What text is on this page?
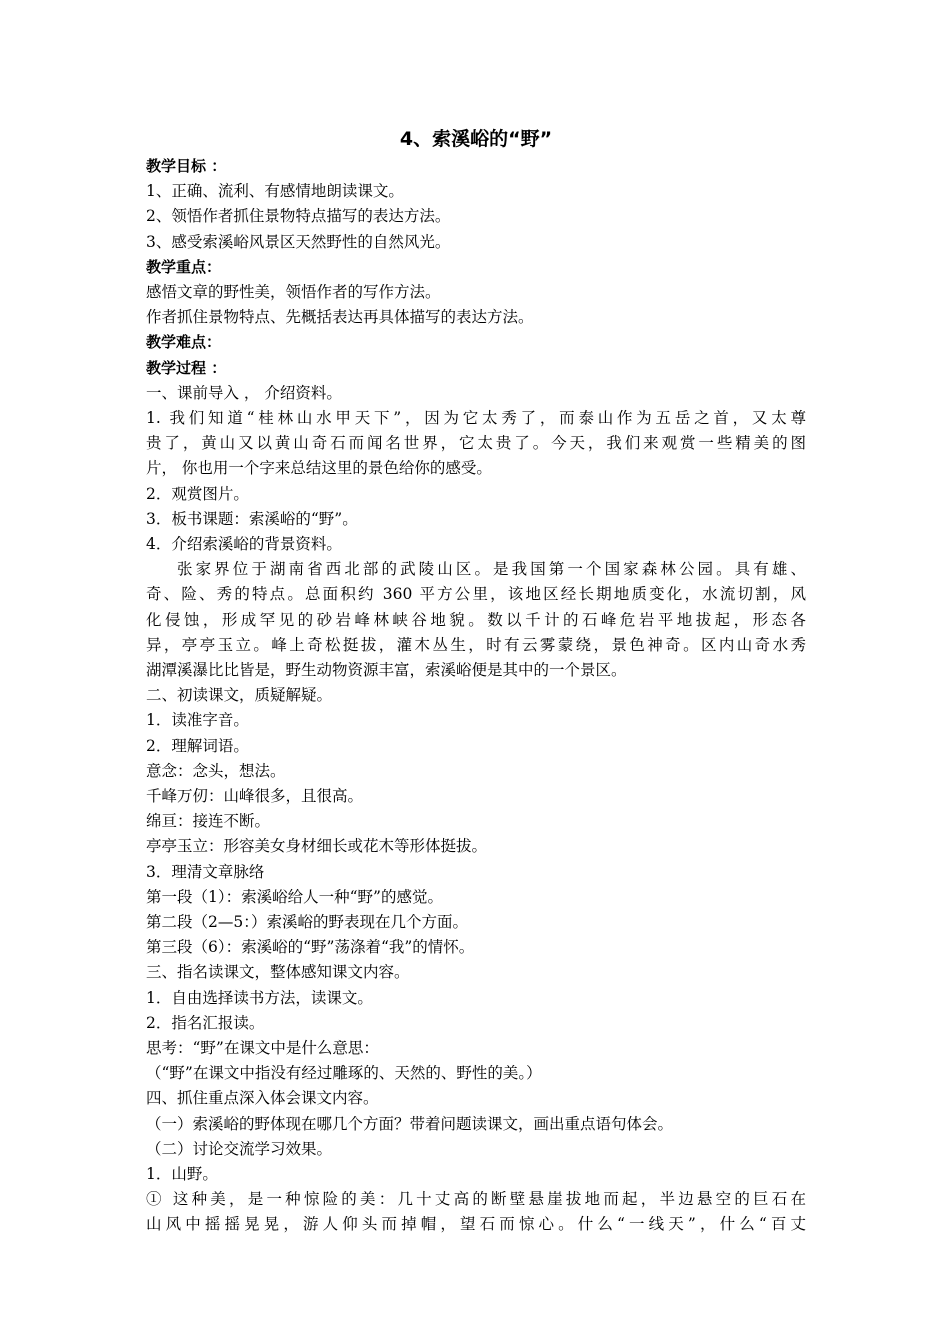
4、索溪峪的“野”

教学目标 ：

1、正确、流利、有感情地朗读课文。

2、领悟作者抓住景物特点描写的表达方法。

3、感受索溪峪风景区天然野性的自然风光。

教学重点：

感悟文章的野性美，领悟作者的写作方法。

作者抓住景物特点、先概括表达再具体描写的表达方法。

教学难点：

教学过程 ：

一、课前导入 ， 介绍资料。

1. 我们知道“桂林山水甲天下”，因为它太秀了，而泰山作为五岳之首，又太尊

贵了，黄山又以黄山奇石而闻名世界，它太贵了。今天，我们来观赏一些精美的图

片， 你也用一个字来总结这里的景色给你的感受。

2．观赏图片。

3．板书课题：索溪峪的“野”。

4．介绍索溪峪的背景资料。

张家界位于湖南省西北部的武陵山区。是我国第一个国家森林公园。具有雄、

奇、险、秀的特点。总面积约 360 平方公里，该地区经长期地质变化，水流切割，风

化侵蚀，形成罕见的砂岩峰林峡谷地貌。数以千计的石峰危岩平地拔起，形态各

异，亭亭玉立。峰上奇松挺拔，灌木丛生，时有云雾蒙绕，景色神奇。区内山奇水秀

湖潭溪瀑比比皆是，野生动物资源丰富，索溪峪便是其中的一个景区。

二、初读课文，质疑解疑。

1．读准字音。

2．理解词语。

意念：念头，想法。

千峰万仞：山峰很多，且很高。

绵亘：接连不断。

亭亭玉立：形容美女身材细长或花木等形体挺拔。

3．理清文章脉络

第一段（1）：索溪峪给人一种“野”的感觉。

第二段（2—5：）索溪峪的野表现在几个方面。

第三段（6）：索溪峪的“野”荡涤着“我”的情怀。

三、指名读课文，整体感知课文内容。

1．自由选择读书方法，读课文。

2．指名汇报读。

思考：“野”在课文中是什么意思：

（“野”在课文中指没有经过雕琢的、天然的、野性的美。）

四、抓住重点深入体会课文内容。

（一）索溪峪的野体现在哪几个方面？带着问题读课文，画出重点语句体会。

（二）讨论交流学习效果。

1．山野。

① 这种美，是一种惊险的美：几十丈高的断壁悬崖拔地而起，半边悬空的巨石在

山风中摇摇晃晃，游人仰头而掉帽，望石而惊心。什么“一线天”，什么“百丈
